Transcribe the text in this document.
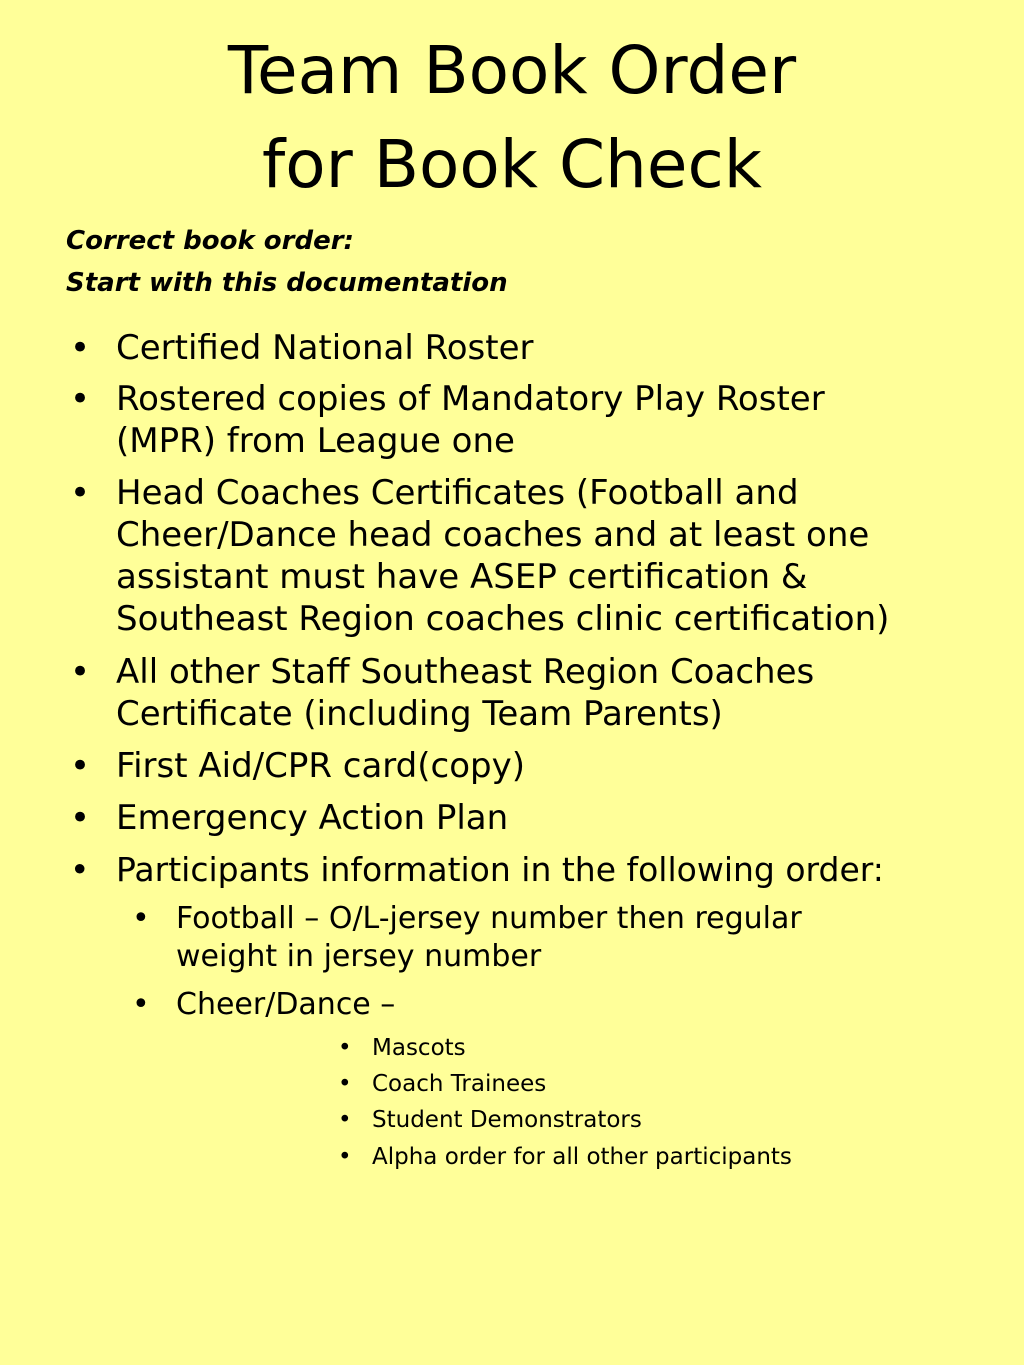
Team Book Order
for Book Check
Correct book order:
Start with this documentation
• Certified National Roster
• Rostered copies of Mandatory Play Roster (MPR) from League one
• Head Coaches Certificates (Football and Cheer/Dance head coaches and at least one assistant must have ASEP certification & Southeast Region coaches clinic certification)
• All other Staff Southeast Region Coaches Certificate (including Team Parents)
• First Aid/CPR card(copy)
• Emergency Action Plan
• Participants information in the following order:
• Football – O/L-jersey number then regular weight in jersey number
• Cheer/Dance –
• Mascots
• Coach Trainees
• Student Demonstrators
• Alpha order for all other participants
